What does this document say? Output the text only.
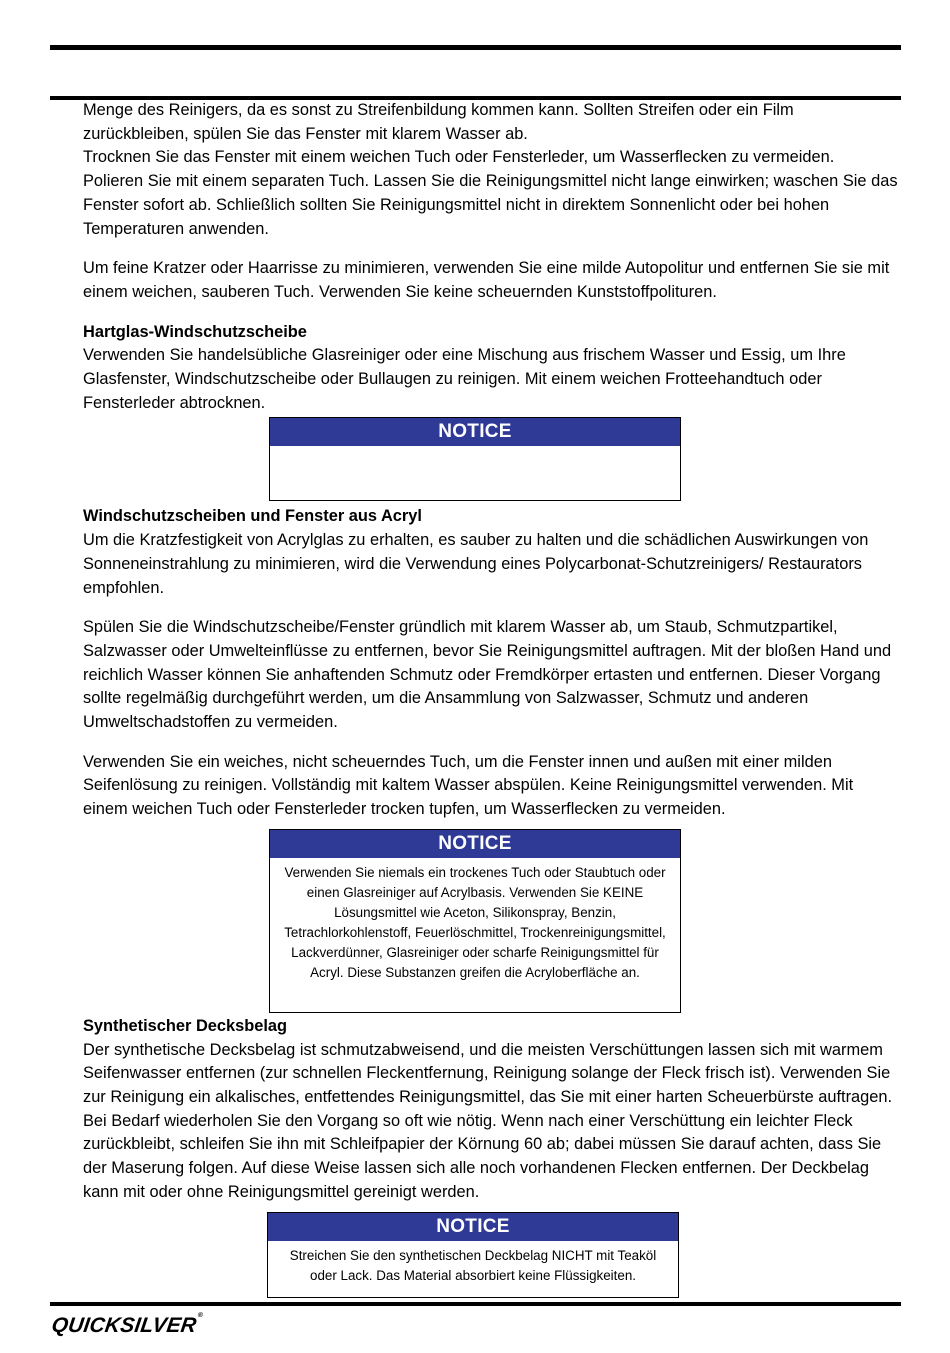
Menge des Reinigers, da es sonst zu Streifenbildung kommen kann. Sollten Streifen oder ein Film zurückbleiben, spülen Sie das Fenster mit klarem Wasser ab.

Trocknen Sie das Fenster mit einem weichen Tuch oder Fensterleder, um Wasserflecken zu vermeiden. Polieren Sie mit einem separaten Tuch. Lassen Sie die Reinigungsmittel nicht lange einwirken; waschen Sie das Fenster sofort ab. Schließlich sollten Sie Reinigungsmittel nicht in direktem Sonnenlicht oder bei hohen Temperaturen anwenden.

Um feine Kratzer oder Haarrisse zu minimieren, verwenden Sie eine milde Autopolitur und entfernen Sie sie mit einem weichen, sauberen Tuch. Verwenden Sie keine scheuernden Kunststoffpolituren.

Hartglas-Windschutzscheibe

Verwenden Sie handelsübliche Glasreiniger oder eine Mischung aus frischem Wasser und Essig, um Ihre Glasfenster, Windschutzscheibe oder Bullaugen zu reinigen. Mit einem weichen Frotteehandtuch oder Fensterleder abtrocknen.

NOTICE

Windschutzscheiben und Fenster aus Acryl

Um die Kratzfestigkeit von Acrylglas zu erhalten, es sauber zu halten und die schädlichen Auswirkungen von Sonneneinstrahlung zu minimieren, wird die Verwendung eines Polycarbonat-Schutzreinigers/ Restaurators empfohlen.

Spülen Sie die Windschutzscheibe/Fenster gründlich mit klarem Wasser ab, um Staub, Schmutzpartikel, Salzwasser oder Umwelteinflüsse zu entfernen, bevor Sie Reinigungsmittel auftragen. Mit der bloßen Hand und reichlich Wasser können Sie anhaftenden Schmutz oder Fremdkörper ertasten und entfernen. Dieser Vorgang sollte regelmäßig durchgeführt werden, um die Ansammlung von Salzwasser, Schmutz und anderen Umweltschadstoffen zu vermeiden.

Verwenden Sie ein weiches, nicht scheuerndes Tuch, um die Fenster innen und außen mit einer milden Seifenlösung zu reinigen. Vollständig mit kaltem Wasser abspülen. Keine Reinigungsmittel verwenden. Mit einem weichen Tuch oder Fensterleder trocken tupfen, um Wasserflecken zu vermeiden.

NOTICE
Verwenden Sie niemals ein trockenes Tuch oder Staubtuch oder einen Glasreiniger auf Acrylbasis. Verwenden Sie KEINE Lösungsmittel wie Aceton, Silikonspray, Benzin, Tetrachlorkohlenstoff, Feuerlöschmittel, Trockenreinigungsmittel, Lackverdünner, Glasreiniger oder scharfe Reinigungsmittel für Acryl. Diese Substanzen greifen die Acryloberfläche an.

Synthetischer Decksbelag

Der synthetische Decksbelag ist schmutzabweisend, und die meisten Verschüttungen lassen sich mit warmem Seifenwasser entfernen (zur schnellen Fleckentfernung, Reinigung solange der Fleck frisch ist). Verwenden Sie zur Reinigung ein alkalisches, entfettendes Reinigungsmittel, das Sie mit einer harten Scheuerbürste auftragen. Bei Bedarf wiederholen Sie den Vorgang so oft wie nötig. Wenn nach einer Verschüttung ein leichter Fleck zurückbleibt, schleifen Sie ihn mit Schleifpapier der Körnung 60 ab; dabei müssen Sie darauf achten, dass Sie der Maserung folgen. Auf diese Weise lassen sich alle noch vorhandenen Flecken entfernen. Der Deckbelag kann mit oder ohne Reinigungsmittel gereinigt werden.

NOTICE
Streichen Sie den synthetischen Deckbelag NICHT mit Teaköl oder Lack. Das Material absorbiert keine Flüssigkeiten.
QUICKSILVER®
